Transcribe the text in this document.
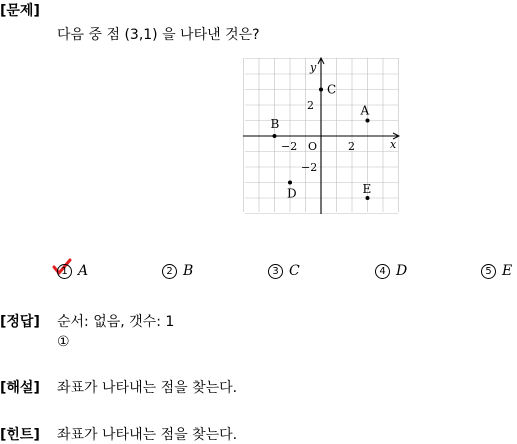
[문제]
다음 중 점 (3,1) 을 나타낸 것은?
x
y
O
−2	2
2
−2
A
B
C
D	E
1 A	2 B	3 C	4 D	5 E
[정답] 순서: 없음, 갯수: 1
①
[해설] 좌표가 나타내는 점을 찾는다.
[힌트] 좌표가 나타내는 점을 찾는다.
